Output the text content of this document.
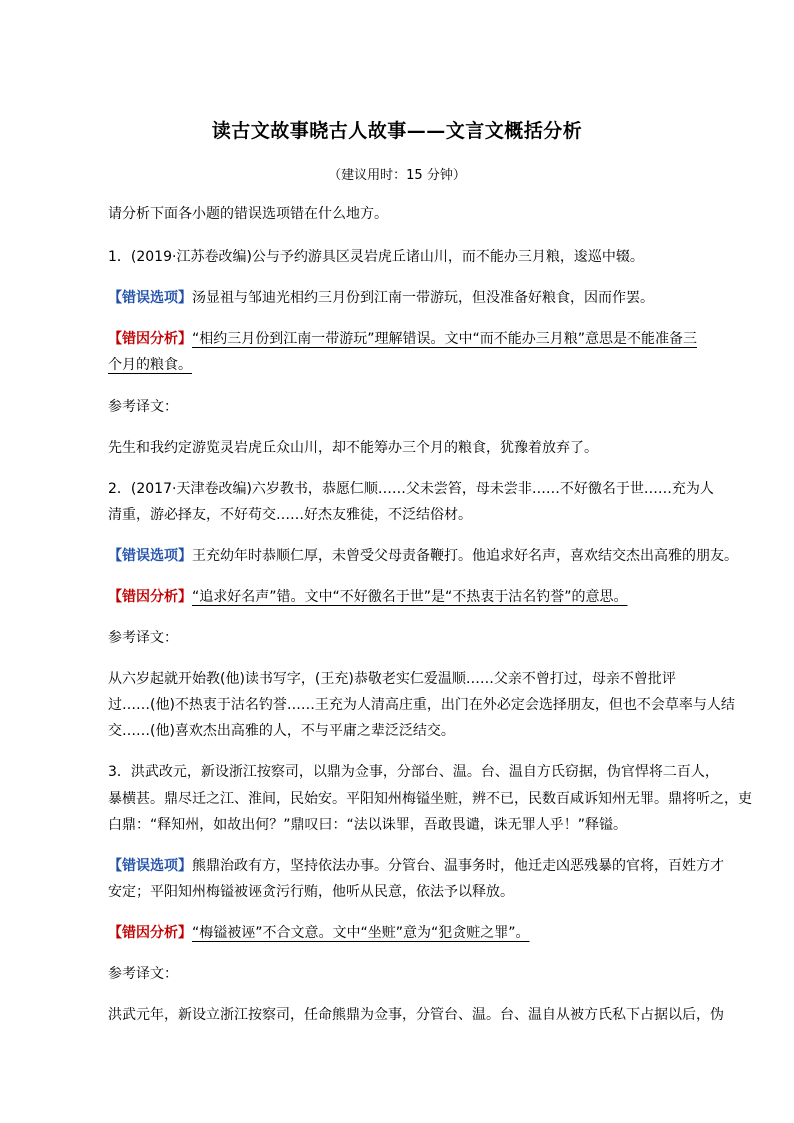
读古文故事晓古人故事——文言文概括分析
（建议用时：15 分钟）
请分析下面各小题的错误选项错在什么地方。
1．(2019·江苏卷改编)公与予约游具区灵岩虎丘诸山川，而不能办三月粮，逡巡中辍。
【错误选项】汤显祖与邹迪光相约三月份到江南一带游玩，但没准备好粮食，因而作罢。
【错因分析】“相约三月份到江南一带游玩”理解错误。文中“而不能办三月粮”意思是不能准备三
个月的粮食。
参考译文：
先生和我约定游览灵岩虎丘众山川，却不能筹办三个月的粮食，犹豫着放弃了。
2．(2017·天津卷改编)六岁教书，恭愿仁顺……父未尝笞，母未尝非……不好徼名于世……充为人
清重，游必择友，不好苟交……好杰友雅徒，不泛结俗材。
【错误选项】王充幼年时恭顺仁厚，未曾受父母责备鞭打。他追求好名声，喜欢结交杰出高雅的朋友。
【错因分析】“追求好名声”错。文中“不好徼名于世”是“不热衷于沽名钓誉”的意思。
参考译文：
从六岁起就开始教(他)读书写字，(王充)恭敬老实仁爱温顺……父亲不曾打过，母亲不曾批评
过……(他)不热衷于沽名钓誉……王充为人清高庄重，出门在外必定会选择朋友，但也不会草率与人结
交……(他)喜欢杰出高雅的人，不与平庸之辈泛泛结交。
3．洪武改元，新设浙江按察司，以鼎为佥事，分部台、温。台、温自方氏窃据，伪官悍将二百人，
暴横甚。鼎尽迁之江、淮间，民始安。平阳知州梅镒坐赃，辨不已，民数百咸诉知州无罪。鼎将听之，吏
白鼎：“释知州，如故出何？”鼎叹曰：“法以诛罪，吾敢畏谴，诛无罪人乎！”释镒。
【错误选项】熊鼎治政有方，坚持依法办事。分管台、温事务时，他迁走凶恶残暴的官将，百姓方才
安定；平阳知州梅镒被诬贪污行贿，他听从民意，依法予以释放。
【错因分析】“梅镒被诬”不合文意。文中“坐赃”意为“犯贪赃之罪”。
参考译文：
洪武元年，新设立浙江按察司，任命熊鼎为佥事，分管台、温。台、温自从被方氏私下占据以后，伪
